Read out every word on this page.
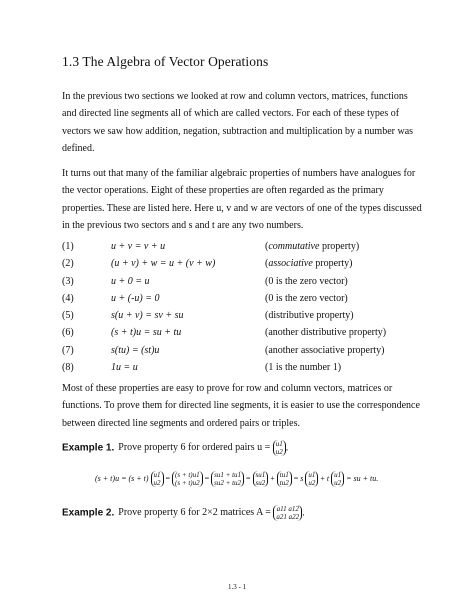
1.3 The Algebra of Vector Operations

In the previous two sections we looked at row and column vectors, matrices, functions and directed line segments all of which are called vectors. For each of these types of vectors we saw how addition, negation, subtraction and multiplication by a number was defined.

It turns out that many of the familiar algebraic properties of numbers have analogues for the vector operations. Eight of these properties are often regarded as the primary properties. These are listed here. Here u, v and w are vectors of one of the types discussed in the previous two sectors and s and t are any two numbers.

(1)	u + v = v + u	(commutative property)
(2)	(u + v) + w = u + (v + w)	(associative property)
(3)	u + 0 = u	(0 is the zero vector)
(4)	u + (-u) = 0	(0 is the zero vector)
(5)	s(u + v) = sv + su	(distributive property)
(6)	(s + t)u = su + tu	(another distributive property)
(7)	s(tu) = (st)u	(another associative property)
(8)	1u = u	(1 is the number 1)

Most of these properties are easy to prove for row and column vectors, matrices or functions. To prove them for directed line segments, it is easier to use the correspondence between directed line segments and ordered pairs or triples.

Example 1. Prove property 6 for ordered pairs u = u1
u2 .
(s + t)u = (s + t) u1
u2
= (s + t)u1
(s + t)u2
= su1 + tu1
su2 + tu2
= su1
su2
+ tu1
tu2
= s u1
u2
+ t u1
u2
= su + tu.
Example 2. Prove property 6 for 2×2 matrices A = a11 a12
a21 a22 .
1.3 - 1
